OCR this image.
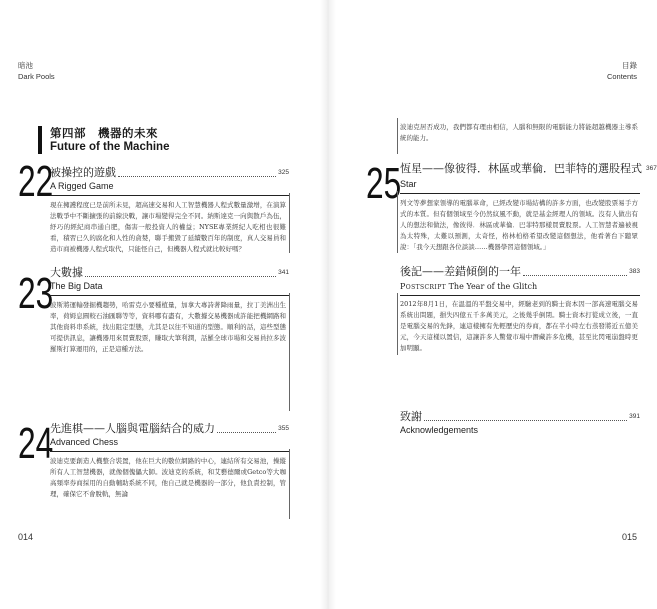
暗池
Dark Pools
第四部　機器的未來
Future of the Machine
22
被操控的遊戲	325
A Rigged Game
現在擁護程度已是前所未見，超高速交易和人工智慧機器人程式數量激增，在演算法戰爭中不斷擴張的前線決戰，讓市場變得完全不同。納斯達克一向與散戶為伍，紓巧的經紀商串通自肥，傷害一般投資人的權益；NYSE專業經紀人吃相也很難看，積習已久的腐化和人性的貪婪，聯手搬毀了延續數百年的制度，真人交易員和造市商被機器人程式取代，只能怪自己，但機器人程式就比較好嗎？
23
大數據	341
The Big Data
波斯將運輸發掘機趨勢，哈雷克小要種植量，加拿大專詩著降雨量，拉丁美洲出生率，荷姆息圓較石油匯聯等等，資料哪有盡有，大數據交易機器成許能把機網路和其他資料串系統，找出阻定型態，尤其是以往不知道的型態。順利的話，這些型態可提供訊息，讓機器用來買賣股票，賺取大筆利潤，話羅全球市場和交易員拉多波羅斯打算運用的，正是這種方法。
24
先進棋——人腦與電腦結合的威力	355
Advanced Chess
波迪克要創造人機整合裝置，他在巨大的數位網路的中心，連結所有交易池，操縱所有人工智慧機器，就像個傀儡大師。波迪克的系統，和艾藝德爾或Getco等大咖高頻率券商採用的自動輔助系統不同，他自己就是機器的一部分，他負責控制，管理，確保它不會脫軌，無論
014
目錄
Contents
波迪克居否成功，我們都有理由相信，人腦和無限的電腦能力將能超越機器主導系統的能力。
25
恆星——像彼得．林區或華倫．巴菲特的選股程式 367
Star
列文等夢想家領導的電腦革命，已經改變市場結構的許多方面，也改變股票易手方式的本質。但有個領域至今仍然紋風不動，就是基金經理人的領域。沒有人做出有人的想法和做法，像彼得．林區或華倫．巴菲特那樣買賣股票。人工智慧者遍被視為太特殊，太難以預測，太奇怪，格林柏格希望改變這個想法，他看著台下聽眾說：「我今天想跟各位談談……機器學習這個領域。」
後記——差錯傾倒的一年	383
Postscript The Year of the Glitch
2012年8月1日，在温溫的平盤交易中，經驗老到的騎士資本因一部高速電腦交易系統出問題，損失四億五千多萬美元，之後幾乎倒閉。騎士資本打從成立後，一直是電腦交易的先鋒，連這樣擁有先輕歷史的券商，都在半小時左右蒸發將近五億美元，今天這樣以置信，這讓許多人驚覺市場中潛藏許多危機，甚至比閃電崩盤時更加明顯。
致謝	391
Acknowledgements
015
